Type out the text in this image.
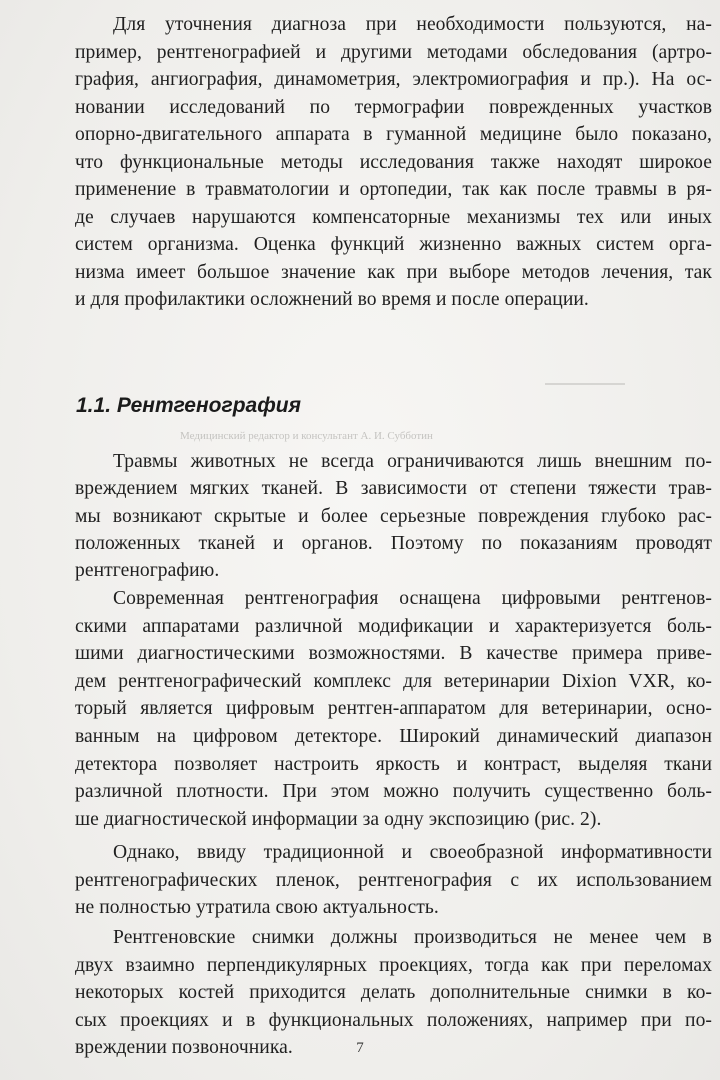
Для уточнения диагноза при необходимости пользуются, на-
пример, рентгенографией и другими методами обследования (артро-
графия, ангиография, динамометрия, электромиография и пр.). На ос-
новании исследований по термографии поврежденных участков
опорно-двигательного аппарата в гуманной медицине было показано,
что функциональные методы исследования также находят широкое
применение в травматологии и ортопедии, так как после травмы в ря-
де случаев нарушаются компенсаторные механизмы тех или иных
систем организма. Оценка функций жизненно важных систем орга-
низма имеет большое значение как при выборе методов лечения, так
и для профилактики осложнений во время и после операции.
Травмы животных не всегда ограничиваются лишь внешним по-
вреждением мягких тканей. В зависимости от степени тяжести трав-
мы возникают скрытые и более серьезные повреждения глубоко рас-
положенных тканей и органов. Поэтому по показаниям проводят
рентгенографию.
Современная рентгенография оснащена цифровыми рентгенов-
скими аппаратами различной модификации и характеризуется боль-
шими диагностическими возможностями. В качестве примера приве-
дем рентгенографический комплекс для ветеринарии Dixion VXR, ко-
торый является цифровым рентген-аппаратом для ветеринарии, осно-
ванным на цифровом детекторе. Широкий динамический диапазон
детектора позволяет настроить яркость и контраст, выделяя ткани
различной плотности. При этом можно получить существенно боль-
ше диагностической информации за одну экспозицию (рис. 2).
Однако, ввиду традиционной и своеобразной информативности
рентгенографических пленок, рентгенография с их использованием
не полностью утратила свою актуальность.
Рентгеновские снимки должны производиться не менее чем в
двух взаимно перпендикулярных проекциях, тогда как при переломах
некоторых костей приходится делать дополнительные снимки в ко-
сых проекциях и в функциональных положениях, например при по-
вреждении позвоночника.
1.1. Рентгенография
Медицинский редактор и консультант А. И. Субботин
7
